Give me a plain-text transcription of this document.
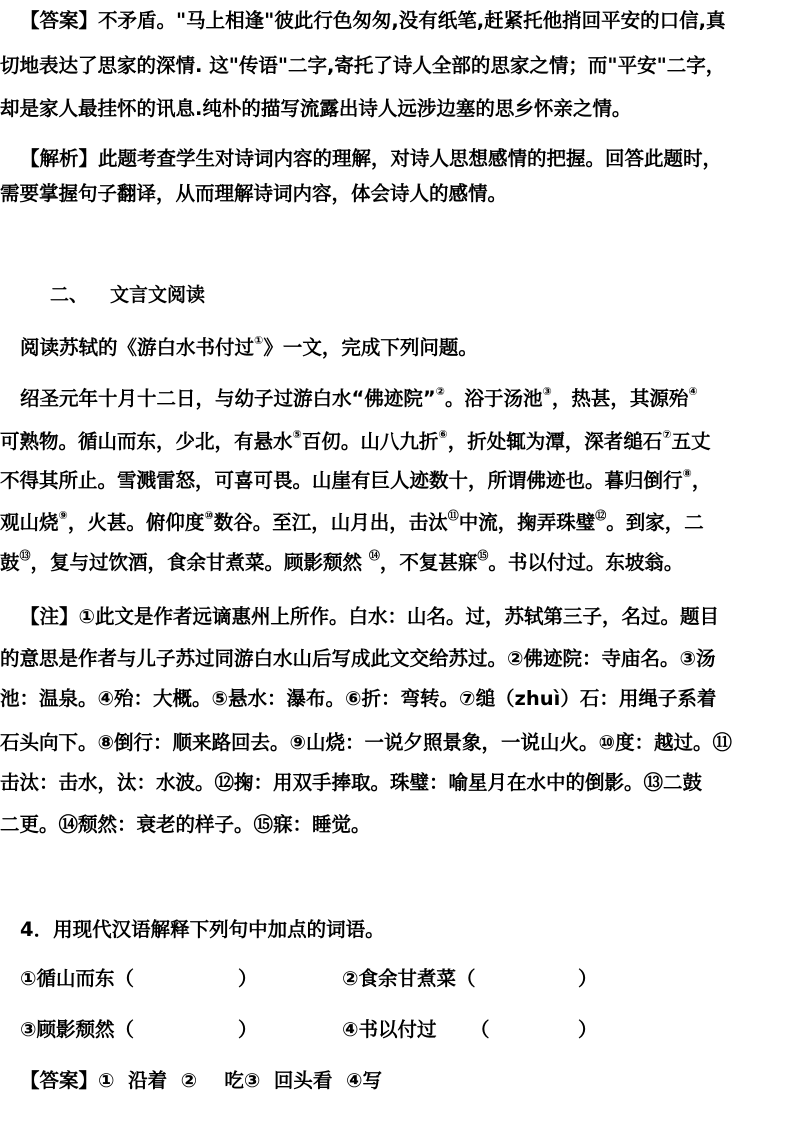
【答案】不矛盾。"马上相逢"彼此行色匆匆,没有纸笔,赶紧托他捎回平安的口信,真
切地表达了思家的深情. 这"传语"二字,寄托了诗人全部的思家之情；而"平安"二字，
却是家人最挂怀的讯息.纯朴的描写流露出诗人远涉边塞的思乡怀亲之情。
【解析】此题考查学生对诗词内容的理解，对诗人思想感情的把握。回答此题时，
需要掌握句子翻译，从而理解诗词内容，体会诗人的感情。
二、 文言文阅读
阅读苏轼的《游白水书付过①》一文，完成下列问题。
绍圣元年十月十二日，与幼子过游白水“佛迹院”②。浴于汤池③，热甚，其源殆④
可熟物。循山而东，少北，有悬水⑤百仞。山八九折⑥，折处辄为潭，深者缒石⑦五丈
不得其所止。雪溅雷怒，可喜可畏。山崖有巨人迹数十，所谓佛迹也。暮归倒行⑧，
观山烧⑨，火甚。俯仰度⑩数谷。至江，山月出，击汰⑪中流，掬弄珠璧⑫。到家，二
鼓⑬，复与过饮酒，食余甘煮菜。顾影颓然 ⑭，不复甚寐⑮。书以付过。东坡翁。
【注】①此文是作者远谪惠州上所作。白水：山名。过，苏轼第三子，名过。题目
的意思是作者与儿子苏过同游白水山后写成此文交给苏过。②佛迹院：寺庙名。③汤
池：温泉。④殆：大概。⑤悬水：瀑布。⑥折：弯转。⑦缒（zhuì）石：用绳子系着
石头向下。⑧倒行：顺来路回去。⑨山烧：一说夕照景象，一说山火。⑩度：越过。⑪
击汰：击水，汰：水波。⑫掬：用双手捧取。珠璧：喻星月在水中的倒影。⑬二鼓
二更。⑭颓然：衰老的样子。⑮寐：睡觉。
4．用现代汉语解释下列句中加点的词语。
①循山而东（	）	②食余甘煮菜（	）
③顾影颓然（	）	④书以付过 （	）
【答案】①  沿着  ②    吃③  回头看  ④写
